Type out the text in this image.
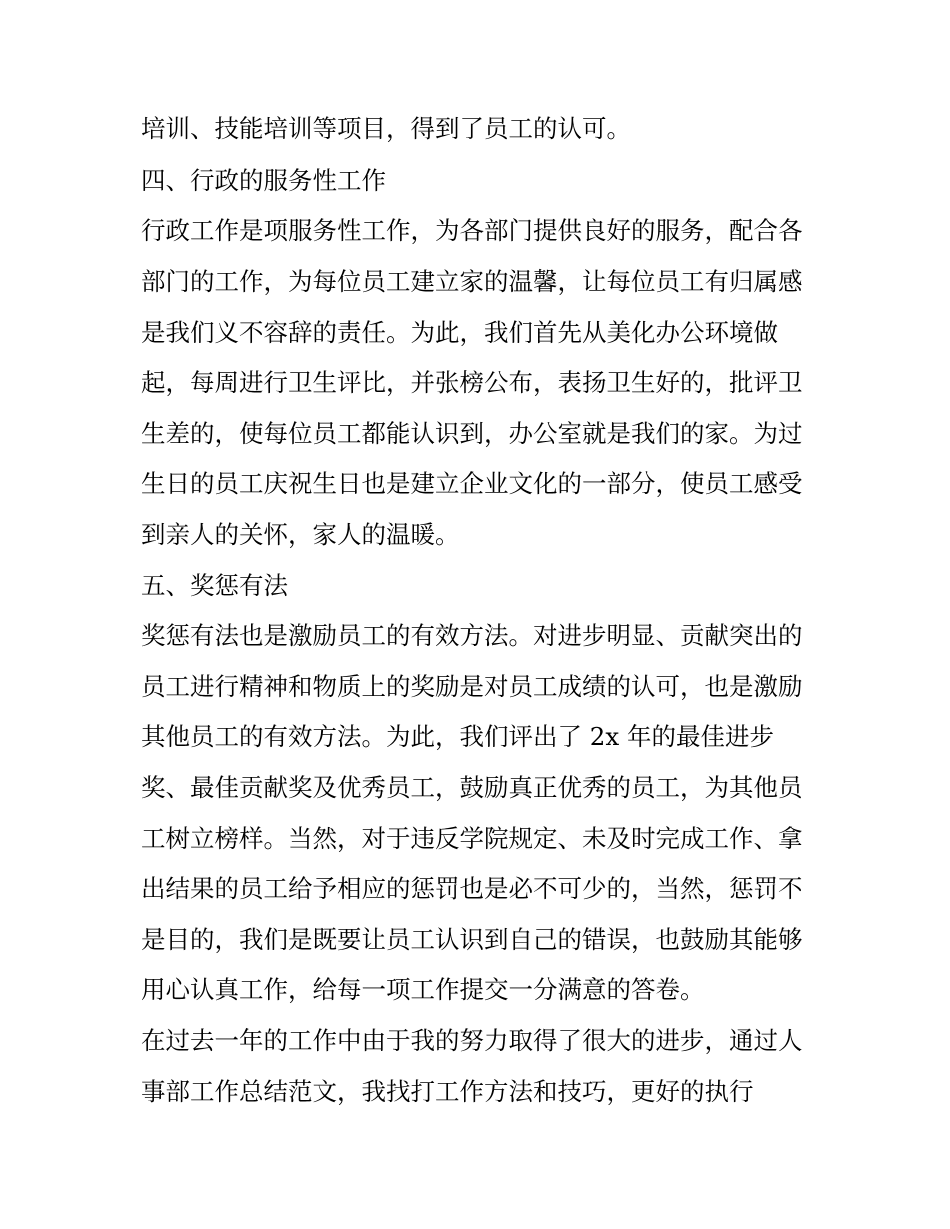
培训、技能培训等项目，得到了员工的认可。

四、行政的服务性工作

行政工作是项服务性工作，为各部门提供良好的服务，配合各

部门的工作，为每位员工建立家的温馨，让每位员工有归属感

是我们义不容辞的责任。为此，我们首先从美化办公环境做

起，每周进行卫生评比，并张榜公布，表扬卫生好的，批评卫

生差的，使每位员工都能认识到，办公室就是我们的家。为过

生日的员工庆祝生日也是建立企业文化的一部分，使员工感受

到亲人的关怀，家人的温暖。

五、奖惩有法

奖惩有法也是激励员工的有效方法。对进步明显、贡献突出的

员工进行精神和物质上的奖励是对员工成绩的认可，也是激励

其他员工的有效方法。为此，我们评出了 2x 年的最佳进步

奖、最佳贡献奖及优秀员工，鼓励真正优秀的员工，为其他员

工树立榜样。当然，对于违反学院规定、未及时完成工作、拿

出结果的员工给予相应的惩罚也是必不可少的，当然，惩罚不

是目的，我们是既要让员工认识到自己的错误，也鼓励其能够

用心认真工作，给每一项工作提交一分满意的答卷。

在过去一年的工作中由于我的努力取得了很大的进步，通过人

事部工作总结范文，我找打工作方法和技巧，更好的执行
